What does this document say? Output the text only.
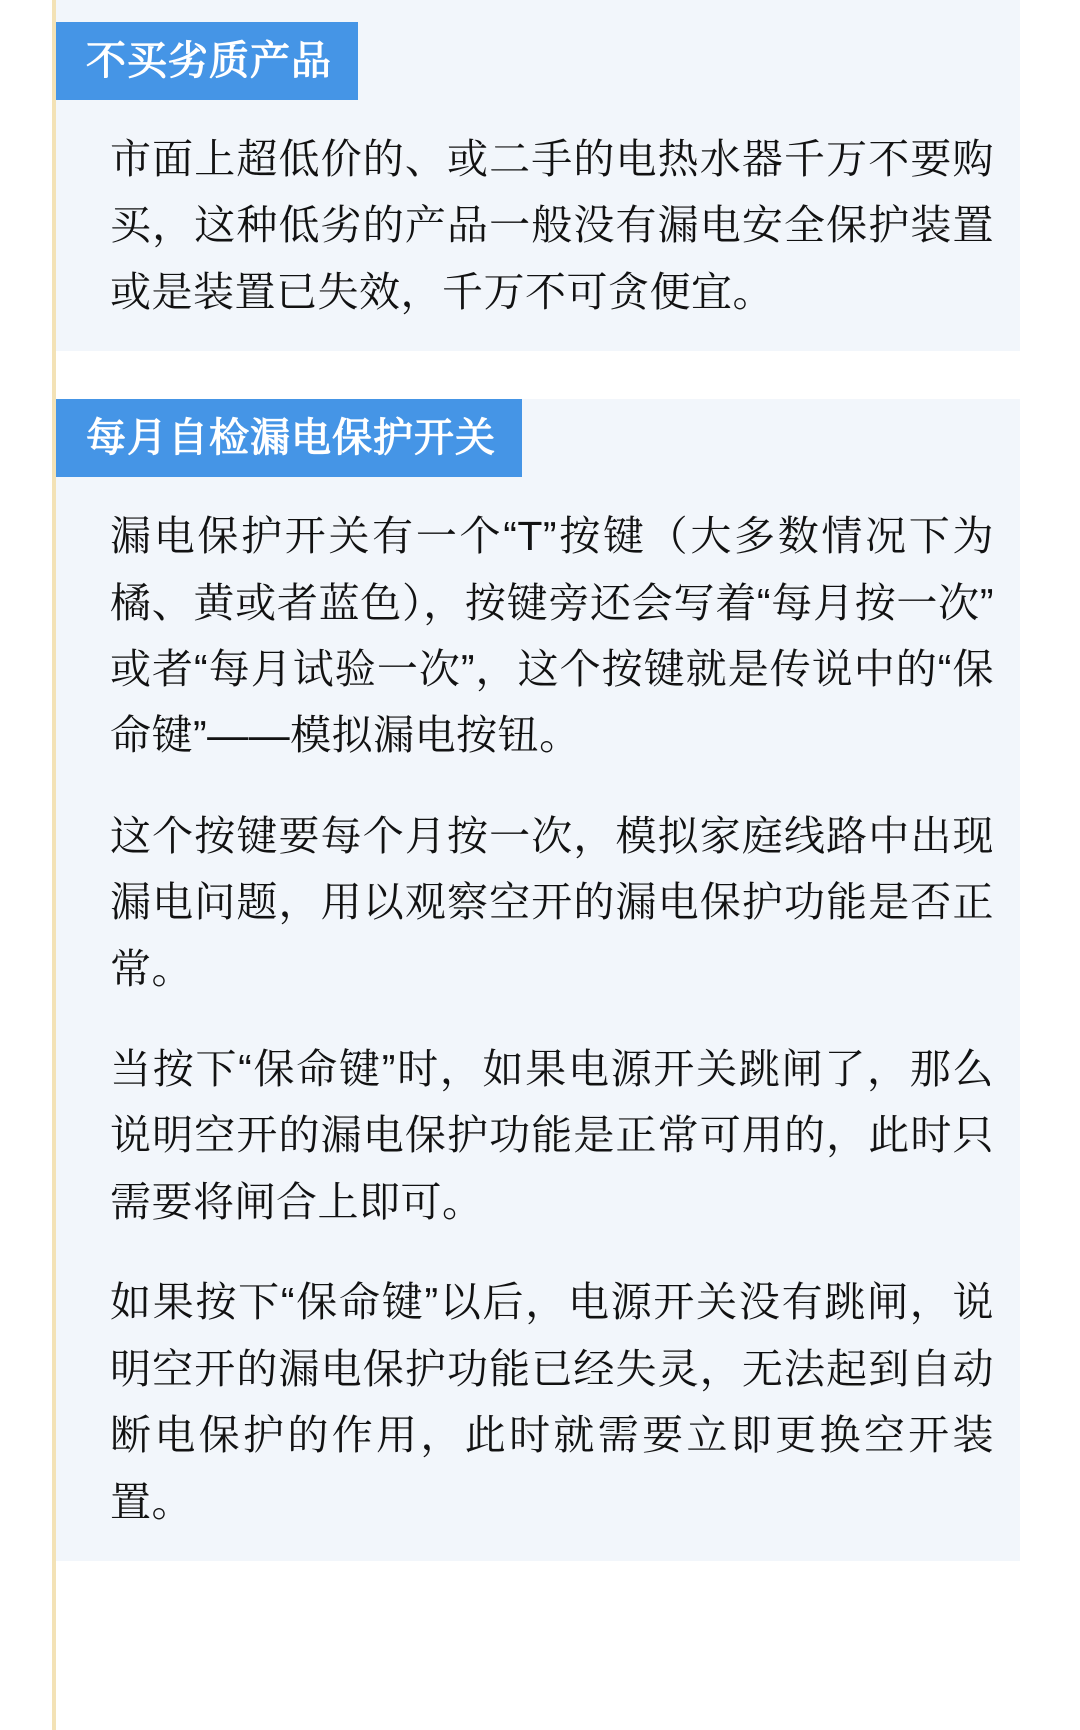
不买劣质产品

市面上超低价的、或二手的电热水器千万不要购买，这种低劣的产品一般没有漏电安全保护装置或是装置已失效，千万不可贪便宜。

每月自检漏电保护开关

漏电保护开关有一个“T”按键（大多数情况下为橘、黄或者蓝色），按键旁还会写着“每月按一次”或者“每月试验一次”，这个按键就是传说中的“保命键”——模拟漏电按钮。

这个按键要每个月按一次，模拟家庭线路中出现漏电问题，用以观察空开的漏电保护功能是否正常。

当按下“保命键”时，如果电源开关跳闸了，那么说明空开的漏电保护功能是正常可用的，此时只需要将闸合上即可。

如果按下“保命键”以后，电源开关没有跳闸，说明空开的漏电保护功能已经失灵，无法起到自动断电保护的作用，此时就需要立即更换空开装置。
